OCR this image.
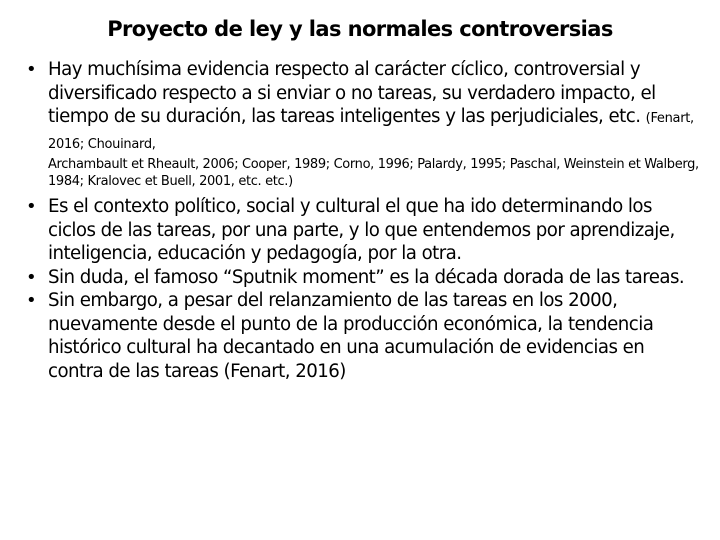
Proyecto de ley y las normales controversias
• Hay muchísima evidencia respecto al carácter cíclico, controversial y diversificado respecto a si enviar o no tareas, su verdadero impacto, el tiempo de su duración, las tareas inteligentes y las perjudiciales, etc. (Fenart, 2016; Chouinard,
Archambault et Rheault, 2006; Cooper, 1989; Corno, 1996; Palardy, 1995; Paschal, Weinstein et Walberg, 1984; Kralovec et Buell, 2001, etc. etc.)
• Es el contexto político, social y cultural el que ha ido determinando los ciclos de las tareas, por una parte, y lo que entendemos por aprendizaje, inteligencia, educación y pedagogía, por la otra.
• Sin duda, el famoso “Sputnik moment” es la década dorada de las tareas.
• Sin embargo, a pesar del relanzamiento de las tareas en los 2000, nuevamente desde el punto de la producción económica, la tendencia histórico cultural ha decantado en una acumulación de evidencias en contra de las tareas (Fenart, 2016)
